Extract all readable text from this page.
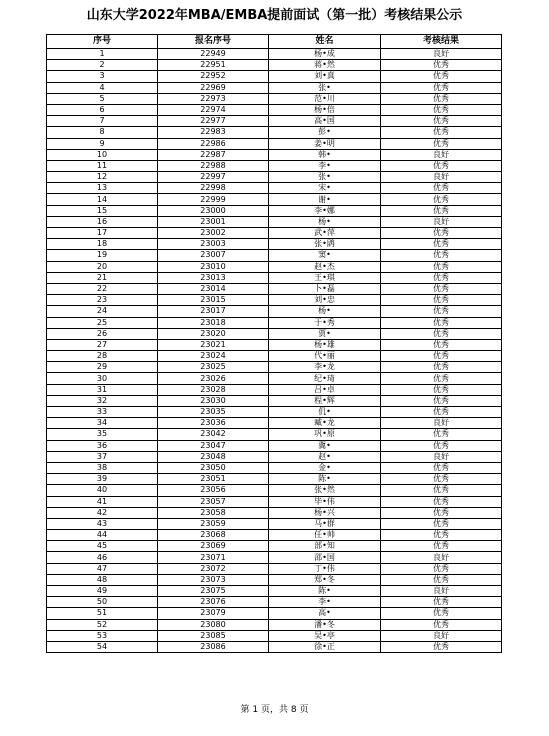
山东大学2022年MBA/EMBA提前面试（第一批）考核结果公示
序号	报名序号	姓名	考核结果
1	22949	杨•成	良好
2	22951	蒋•然	优秀
3	22952	刘•真	优秀
4	22969	张•	优秀
5	22973	范•川	优秀
6	22974	杨•倍	优秀
7	22977	高•国	优秀
8	22983	彭•	优秀
9	22986	姜•明	优秀
10	22987	韩•	良好
11	22988	李•	优秀
12	22997	张•	良好
13	22998	宋•	优秀
14	22999	谢•	优秀
15	23000	李•娜	优秀
16	23001	杨•	良好
17	23002	武•萍	优秀
18	23003	张•鹍	优秀
19	23007	窦•	优秀
20	23010	赵•杰	优秀
21	23013	王•琪	优秀
22	23014	卜•磊	优秀
23	23015	刘•忠	优秀
24	23017	杨•	优秀
25	23018	于•秀	优秀
26	23020	贾•	优秀
27	23021	杨•雄	优秀
28	23024	代•丽	优秀
29	23025	李•龙	优秀
30	23026	纪•琦	优秀
31	23028	吕•卓	优秀
32	23030	程•辉	优秀
33	23035	仉•	优秀
34	23036	臧•龙	良好
35	23042	巩•原	优秀
36	23047	冀•	优秀
37	23048	赵•	良好
38	23050	金•	优秀
39	23051	陈•	优秀
40	23056	张•然	优秀
41	23057	毕•伟	优秀
42	23058	杨•兴	优秀
43	23059	马•群	优秀
44	23068	任•帅	优秀
45	23069	部•知	优秀
46	23071	邵•国	良好
47	23072	丁•伟	优秀
48	23073	郑•冬	优秀
49	23075	陈•	良好
50	23076	李•	优秀
51	23079	高•	优秀
52	23080	潘•冬	优秀
53	23085	吴•亭	良好
54	23086	徐•正	优秀
第 1 页，共 8 页
